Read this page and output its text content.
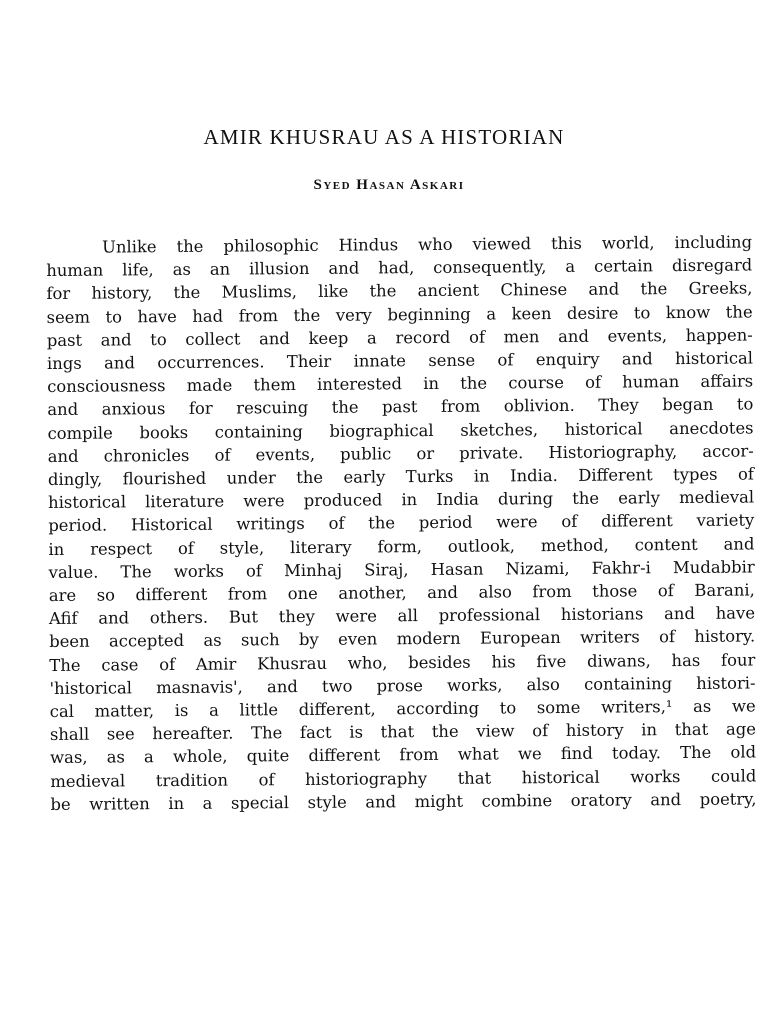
AMIR KHUSRAU AS A HISTORIAN

Syed Hasan Askari

Unlike the philosophic Hindus who viewed this world, including
human life, as an illusion and had, consequently, a certain disregard
for history, the Muslims, like the ancient Chinese and the Greeks,
seem to have had from the very beginning a keen desire to know the
past and to collect and keep a record of men and events, happen-
ings and occurrences. Their innate sense of enquiry and historical
consciousness made them interested in the course of human affairs
and anxious for rescuing the past from oblivion. They began to
compile books containing biographical sketches, historical anecdotes
and chronicles of events, public or private. Historiography, accor-
dingly, flourished under the early Turks in India. Different types of
historical literature were produced in India during the early medieval
period. Historical writings of the period were of different variety
in respect of style, literary form, outlook, method, content and
value. The works of Minhaj Siraj, Hasan Nizami, Fakhr-i Mudabbir
are so different from one another, and also from those of Barani,
Afif and others. But they were all professional historians and have
been accepted as such by even modern European writers of history.
The case of Amir Khusrau who, besides his five diwans, has four
'historical masnavis', and two prose works, also containing histori-
cal matter, is a little different, according to some writers,¹ as we
shall see hereafter. The fact is that the view of history in that age
was, as a whole, quite different from what we find today. The old
medieval tradition of historiography that historical works could
be written in a special style and might combine oratory and poetry,
